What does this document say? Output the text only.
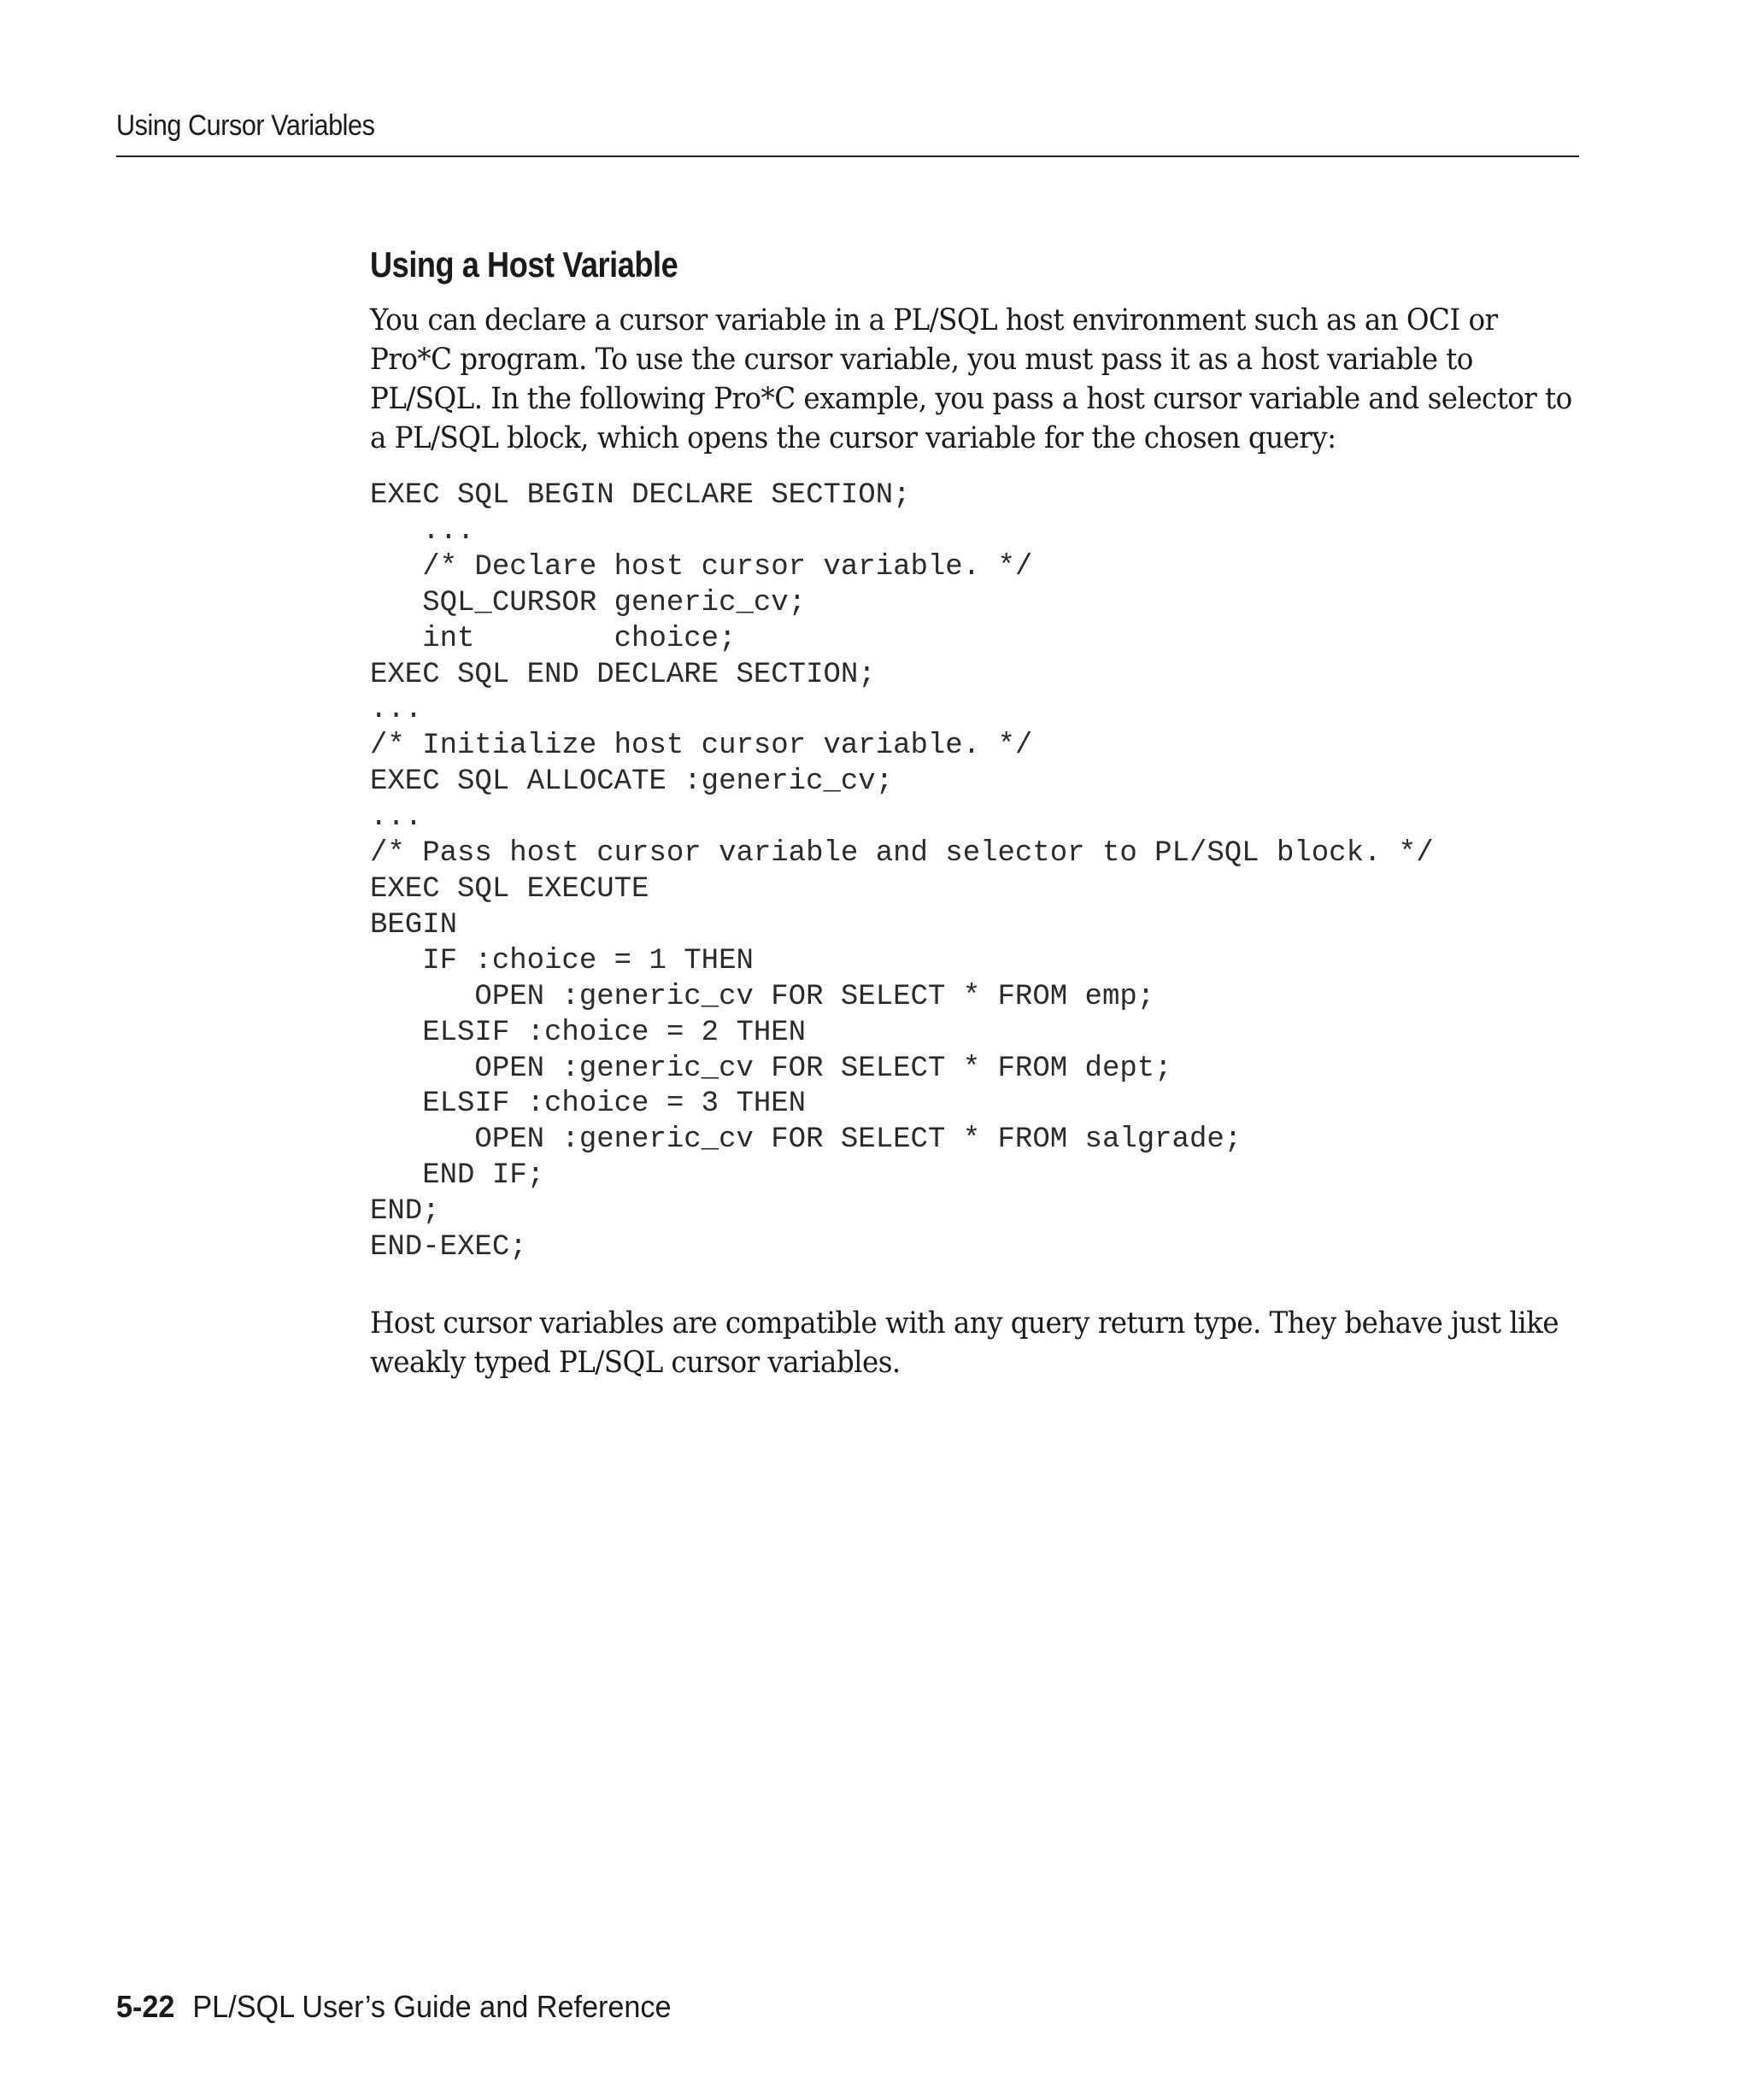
Using Cursor Variables
Using a Host Variable

You can declare a cursor variable in a PL/SQL host environment such as an OCI or Pro*C program. To use the cursor variable, you must pass it as a host variable to PL/SQL. In the following Pro*C example, you pass a host cursor variable and selector to a PL/SQL block, which opens the cursor variable for the chosen query:

EXEC SQL BEGIN DECLARE SECTION;
...
/* Declare host cursor variable. */
SQL_CURSOR generic_cv;
int        choice;
EXEC SQL END DECLARE SECTION;
...
/* Initialize host cursor variable. */
EXEC SQL ALLOCATE :generic_cv;
...
/* Pass host cursor variable and selector to PL/SQL block. */
EXEC SQL EXECUTE
BEGIN
IF :choice = 1 THEN
OPEN :generic_cv FOR SELECT * FROM emp;
ELSIF :choice = 2 THEN
OPEN :generic_cv FOR SELECT * FROM dept;
ELSIF :choice = 3 THEN
OPEN :generic_cv FOR SELECT * FROM salgrade;
END IF;
END;
END-EXEC;

Host cursor variables are compatible with any query return type. They behave just like weakly typed PL/SQL cursor variables.

5-22 PL/SQL User’s Guide and Reference
